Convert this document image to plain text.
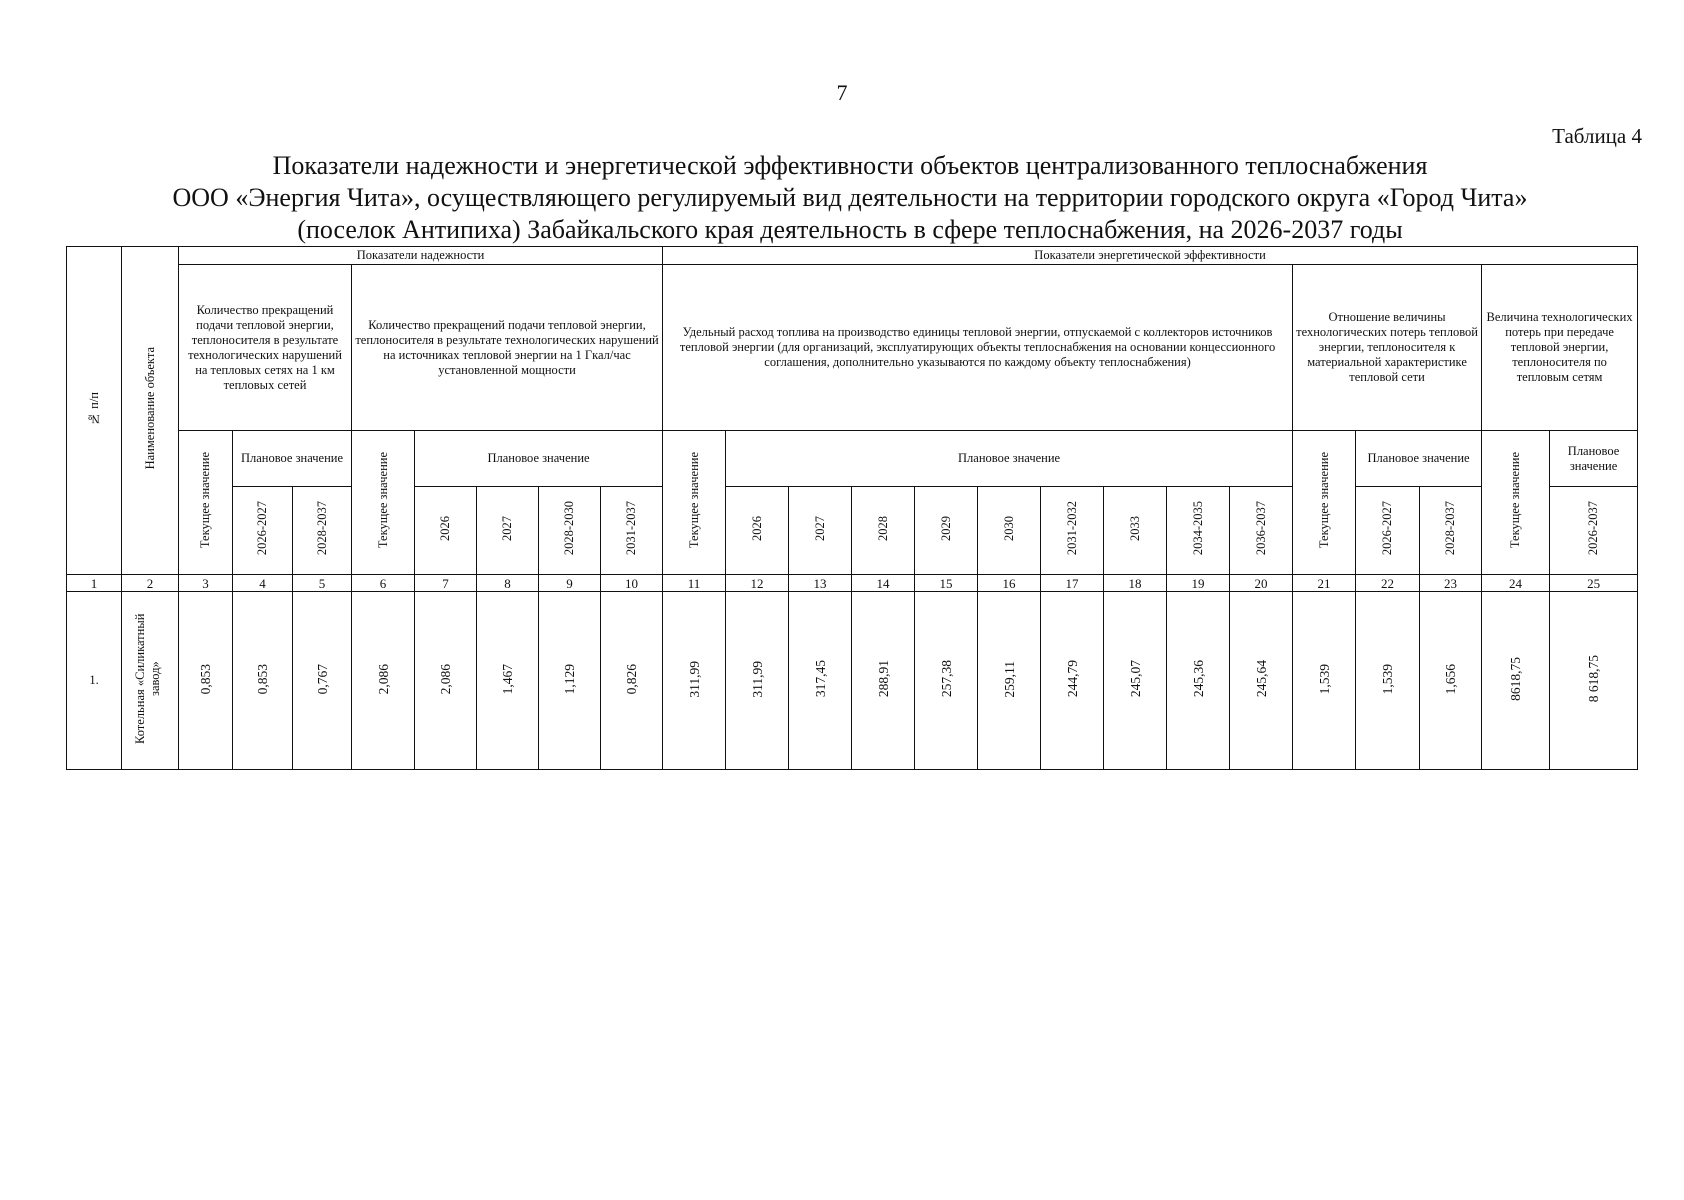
7
Таблица 4
Показатели надежности и энергетической эффективности объектов централизованного теплоснабжения
ООО «Энергия Чита», осуществляющего регулируемый вид деятельности на территории городского округа «Город Чита»
(поселок Антипиха) Забайкальского края деятельность в сфере теплоснабжения, на 2026-2037 годы
№ п/п	Наименование объекта	Показатели надежности								Показатели энергетической эффективности														

		Количество прекращений подачи тепловой энергии, теплоносителя в результате технологических нарушений на тепловых сетях на 1 км тепловых сетей			Количество прекращений подачи тепловой энергии, теплоносителя в результате технологических нарушений на источниках тепловой энергии на 1 Гкал/час установленной мощности					Удельный расход топлива на производство единицы тепловой энергии, отпускаемой с коллекторов источников тепловой энергии (для организаций, эксплуатирующих объекты теплоснабжения на основании концессионного соглашения, дополнительно указываются по каждому объекту теплоснабжения)										Отношение величины технологических потерь тепловой энергии, теплоносителя к материальной характеристике тепловой сети			Величина технологических потерь при передаче тепловой энергии, теплоносителя по тепловым сетям	

		Текущее значение	Плановое значение		Текущее значение	Плановое значение				Текущее значение	Плановое значение									Текущее значение	Плановое значение		Текущее значение	Плановое значение
			2026-2027	2028-2037		2026	2027	2028-2030	2031-2037		2026	2027	2028	2029	2030	2031-2032	2033	2034-2035	2036-2037		2026-2027	2028-2037		2026-2037
1	2	3	4	5	6	7	8	9	10	11	12	13	14	15	16	17	18	19	20	21	22	23	24	25
1.	Котельная «Силикатный завод»	0,853	0,853	0,767	2,086	2,086	1,467	1,129	0,826	311,99	311,99	317,45	288,91	257,38	259,11	244,79	245,07	245,36	245,64	1,539	1,539	1,656	8618,75	8 618,75
